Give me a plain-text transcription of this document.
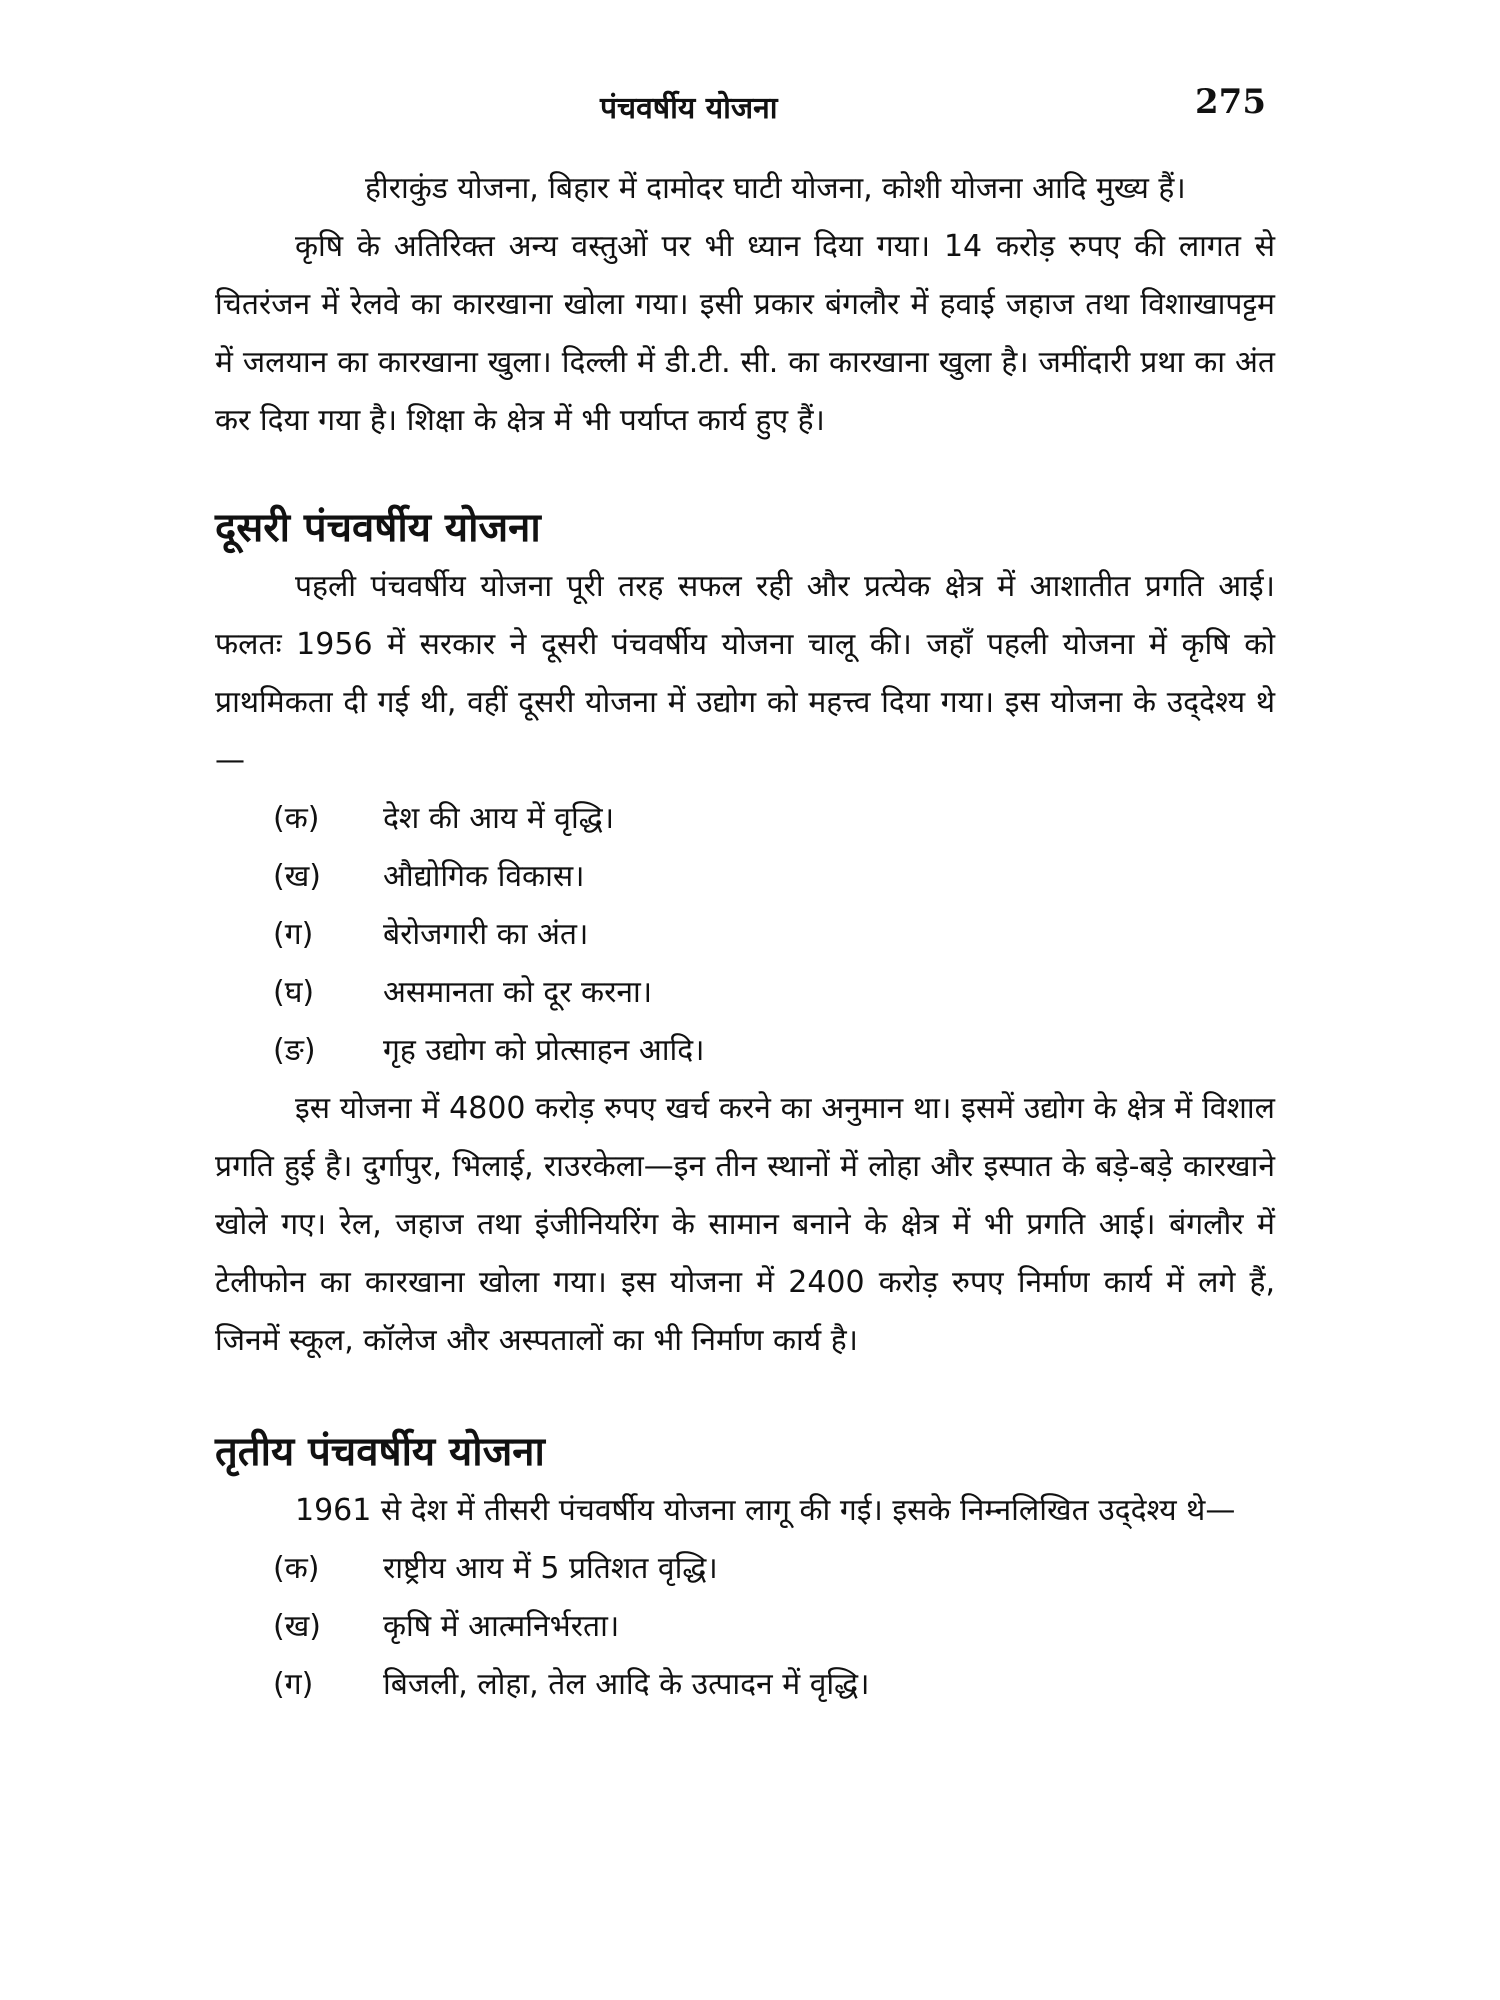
पंचवर्षीय योजना	275

हीराकुंड योजना, बिहार में दामोदर घाटी योजना, कोशी योजना आदि मुख्य हैं।

कृषि के अतिरिक्त अन्य वस्तुओं पर भी ध्यान दिया गया। 14 करोड़ रुपए की लागत से चितरंजन में रेलवे का कारखाना खोला गया। इसी प्रकार बंगलौर में हवाई जहाज तथा विशाखापट्टम में जलयान का कारखाना खुला। दिल्ली में डी.टी. सी. का कारखाना खुला है। जमींदारी प्रथा का अंत कर दिया गया है। शिक्षा के क्षेत्र में भी पर्याप्त कार्य हुए हैं।

दूसरी पंचवर्षीय योजना

पहली पंचवर्षीय योजना पूरी तरह सफल रही और प्रत्येक क्षेत्र में आशातीत प्रगति आई। फलतः 1956 में सरकार ने दूसरी पंचवर्षीय योजना चालू की। जहाँ पहली योजना में कृषि को प्राथमिकता दी गई थी, वहीं दूसरी योजना में उद्योग को महत्त्व दिया गया। इस योजना के उद्‌देश्य थे—

(क) देश की आय में वृद्धि।
(ख) औद्योगिक विकास।
(ग) बेरोजगारी का अंत।
(घ) असमानता को दूर करना।
(ङ) गृह उद्योग को प्रोत्साहन आदि।

इस योजना में 4800 करोड़ रुपए खर्च करने का अनुमान था। इसमें उद्योग के क्षेत्र में विशाल प्रगति हुई है। दुर्गापुर, भिलाई, राउरकेला—इन तीन स्थानों में लोहा और इस्पात के बड़े-बड़े कारखाने खोले गए। रेल, जहाज तथा इंजीनियरिंग के सामान बनाने के क्षेत्र में भी प्रगति आई। बंगलौर में टेलीफोन का कारखाना खोला गया। इस योजना में 2400 करोड़ रुपए निर्माण कार्य में लगे हैं, जिनमें स्कूल, कॉलेज और अस्पतालों का भी निर्माण कार्य है।

तृतीय पंचवर्षीय योजना

1961 से देश में तीसरी पंचवर्षीय योजना लागू की गई। इसके निम्नलिखित उद्‌देश्य थे—

(क) राष्ट्रीय आय में 5 प्रतिशत वृद्धि।
(ख) कृषि में आत्मनिर्भरता।
(ग) बिजली, लोहा, तेल आदि के उत्पादन में वृद्धि।
